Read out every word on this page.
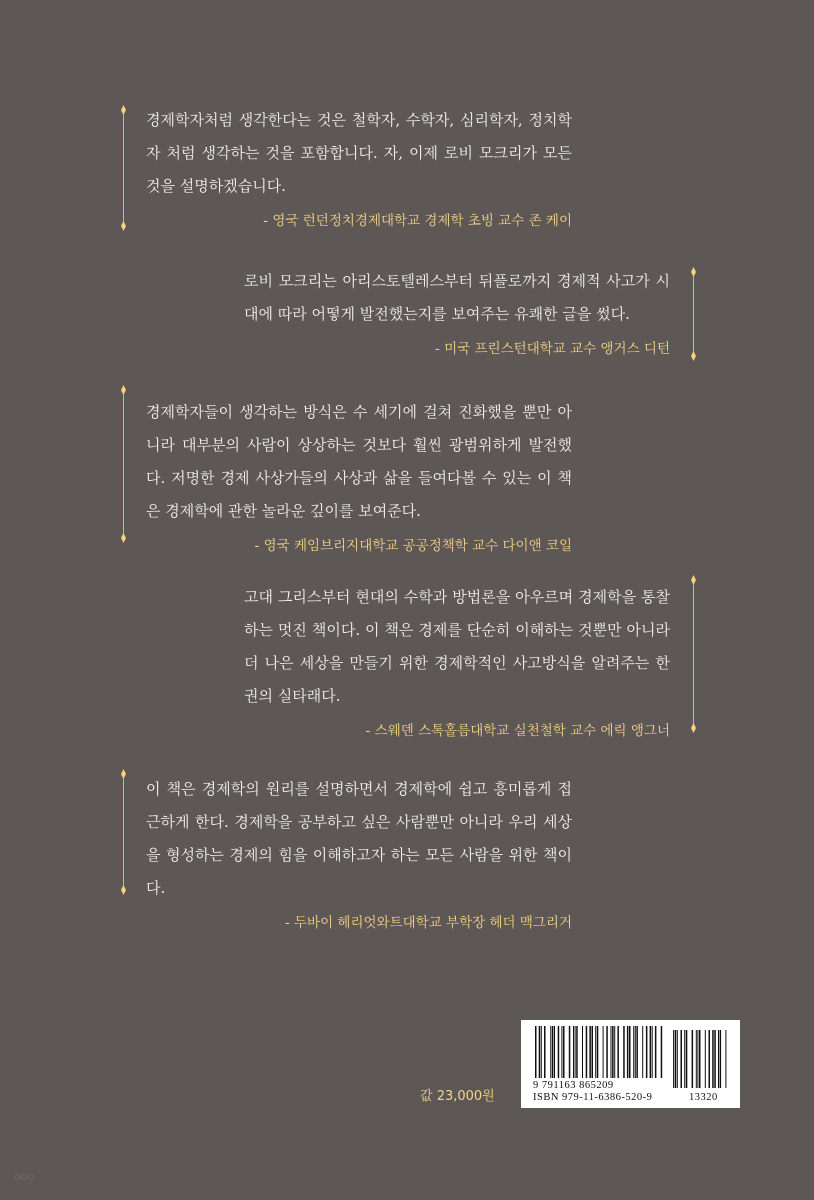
경제학자처럼 생각한다는 것은 철학자, 수학자, 심리학자, 정치학자 처럼 생각하는 것을 포함합니다. 자, 이제 로비 모크리가 모든 것을 설명하겠습니다.
- 영국 런던정치경제대학교 경제학 초빙 교수 존 케이
로비 모크리는 아리스토텔레스부터 뒤플로까지 경제적 사고가 시대에 따라 어떻게 발전했는지를 보여주는 유쾌한 글을 썼다.
- 미국 프린스턴대학교 교수 앵거스 디턴
경제학자들이 생각하는 방식은 수 세기에 걸쳐 진화했을 뿐만 아니라 대부분의 사람이 상상하는 것보다 훨씬 광범위하게 발전했다. 저명한 경제 사상가들의 사상과 삶을 들여다볼 수 있는 이 책은 경제학에 관한 놀라운 깊이를 보여준다.
- 영국 케임브리지대학교 공공정책학 교수 다이앤 코일
고대 그리스부터 현대의 수학과 방법론을 아우르며 경제학을 통찰하는 멋진 책이다. 이 책은 경제를 단순히 이해하는 것뿐만 아니라 더 나은 세상을 만들기 위한 경제학적인 사고방식을 알려주는 한 권의 실타래다.
- 스웨덴 스톡홀름대학교 실천철학 교수 에릭 앵그너
이 책은 경제학의 원리를 설명하면서 경제학에 쉽고 흥미롭게 접근하게 한다. 경제학을 공부하고 싶은 사람뿐만 아니라 우리 세상을 형성하는 경제의 힘을 이해하고자 하는 모든 사람을 위한 책이다.
- 두바이 헤리엇와트대학교 부학장 헤더 맥그리거
값 23,000원
9 791163 865209
ISBN 979-11-6386-520-9	13320
ooo
